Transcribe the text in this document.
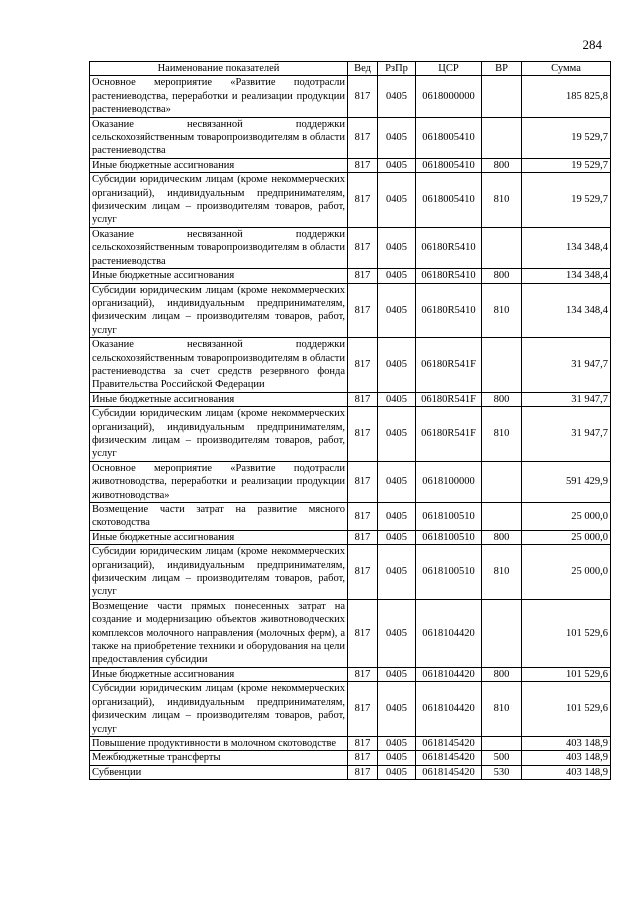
284
Наименование показателей	Вед	РзПр	ЦСР	ВР	Сумма
Основное мероприятие «Развитие подотрасли растениеводства, переработки и реализации продукции растениеводства»	817	0405	0618000000		185 825,8
Оказание несвязанной поддержки сельскохозяйственным товаропроизводителям в области растениеводства	817	0405	0618005410		19 529,7
Иные бюджетные ассигнования	817	0405	0618005410	800	19 529,7
Субсидии юридическим лицам (кроме некоммерческих организаций), индивидуальным предпринимателям, физическим лицам – производителям товаров, работ, услуг	817	0405	0618005410	810	19 529,7
Оказание несвязанной поддержки сельскохозяйственным товаропроизводителям в области растениеводства	817	0405	06180R5410		134 348,4
Иные бюджетные ассигнования	817	0405	06180R5410	800	134 348,4
Субсидии юридическим лицам (кроме некоммерческих организаций), индивидуальным предпринимателям, физическим лицам – производителям товаров, работ, услуг	817	0405	06180R5410	810	134 348,4
Оказание несвязанной поддержки сельскохозяйственным товаропроизводителям в области растениеводства за счет средств резервного фонда Правительства Российской Федерации	817	0405	06180R541F		31 947,7
Иные бюджетные ассигнования	817	0405	06180R541F	800	31 947,7
Субсидии юридическим лицам (кроме некоммерческих организаций), индивидуальным предпринимателям, физическим лицам – производителям товаров, работ, услуг	817	0405	06180R541F	810	31 947,7
Основное мероприятие «Развитие подотрасли животноводства, переработки и реализации продукции животноводства»	817	0405	0618100000		591 429,9
Возмещение части затрат на развитие мясного скотоводства	817	0405	0618100510		25 000,0
Иные бюджетные ассигнования	817	0405	0618100510	800	25 000,0
Субсидии юридическим лицам (кроме некоммерческих организаций), индивидуальным предпринимателям, физическим лицам – производителям товаров, работ, услуг	817	0405	0618100510	810	25 000,0
Возмещение части прямых понесенных затрат на создание и модернизацию объектов животноводческих комплексов молочного направления (молочных ферм), а также на приобретение техники и оборудования на цели предоставления субсидии	817	0405	0618104420		101 529,6
Иные бюджетные ассигнования	817	0405	0618104420	800	101 529,6
Субсидии юридическим лицам (кроме некоммерческих организаций), индивидуальным предпринимателям, физическим лицам – производителям товаров, работ, услуг	817	0405	0618104420	810	101 529,6
Повышение продуктивности в молочном скотоводстве	817	0405	0618145420		403 148,9
Межбюджетные трансферты	817	0405	0618145420	500	403 148,9
Субвенции	817	0405	0618145420	530	403 148,9
